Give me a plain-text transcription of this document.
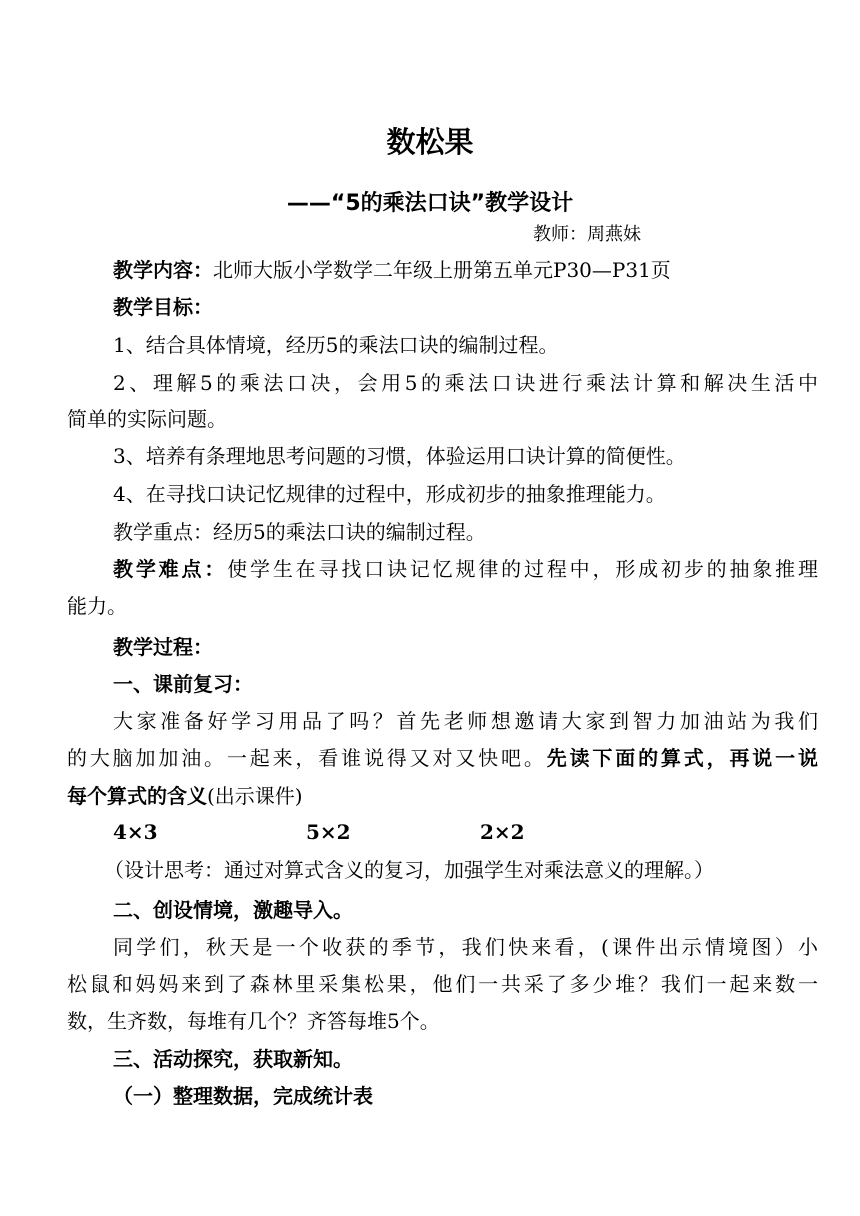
数松果
——“5的乘法口诀”教学设计
教师：周燕妹

教学内容：北师大版小学数学二年级上册第五单元P30—P31页

教学目标：

1、结合具体情境，经历5的乘法口诀的编制过程。

2、理解5的乘法口决，会用5的乘法口诀进行乘法计算和解决生活中

简单的实际问题。

3、培养有条理地思考问题的习惯，体验运用口诀计算的简便性。

4、在寻找口诀记忆规律的过程中，形成初步的抽象推理能力。

教学重点：经历5的乘法口诀的编制过程。

教学难点：使学生在寻找口诀记忆规律的过程中，形成初步的抽象推理

能力。

教学过程：

一、课前复习：

大家准备好学习用品了吗？首先老师想邀请大家到智力加油站为我们

的大脑加加油。一起来，看谁说得又对又快吧。先读下面的算式，再说一说

每个算式的含义(出示课件)

4×3	5×2	2×2

（设计思考：通过对算式含义的复习，加强学生对乘法意义的理解。）

二、创设情境，激趣导入。

同学们，秋天是一个收获的季节，我们快来看，(课件出示情境图）小

松鼠和妈妈来到了森林里采集松果，他们一共采了多少堆？我们一起来数一

数，生齐数，每堆有几个？齐答每堆5个。

三、活动探究，获取新知。

（一）整理数据，完成统计表
